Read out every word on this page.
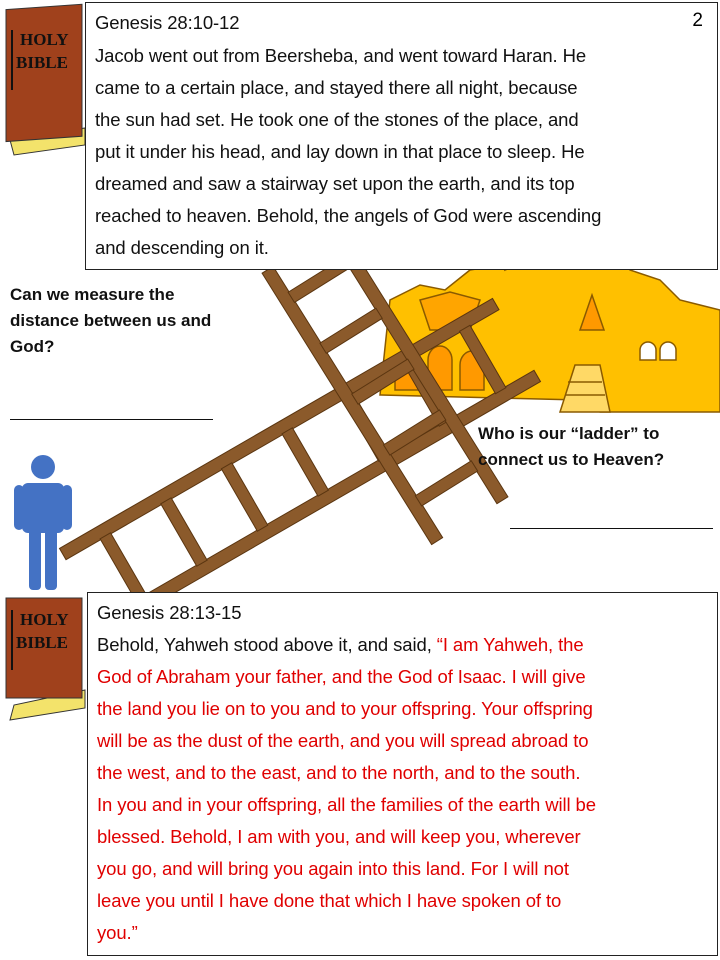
HOLY
BIBLE
HOLY
BIBLE
Genesis 28:10-12	2
Jacob went out from Beersheba, and went toward Haran. He
came to a certain place, and stayed there all night, because
the sun had set. He took one of the stones of the place, and
put it under his head, and lay down in that place to sleep. He
dreamed and saw a stairway set upon the earth, and its top
reached to heaven. Behold, the angels of God were ascending
and descending on it.
Can we measure the
distance between us and
God?
Who is our “ladder” to
connect us to Heaven?
Genesis 28:13-15
Behold, Yahweh stood above it, and said, “I am Yahweh, the
God of Abraham your father, and the God of Isaac. I will give
the land you lie on to you and to your offspring. Your offspring
will be as the dust of the earth, and you will spread abroad to
the west, and to the east, and to the north, and to the south.
In you and in your offspring, all the families of the earth will be
blessed. Behold, I am with you, and will keep you, wherever
you go, and will bring you again into this land. For I will not
leave you until I have done that which I have spoken of to
you.”
